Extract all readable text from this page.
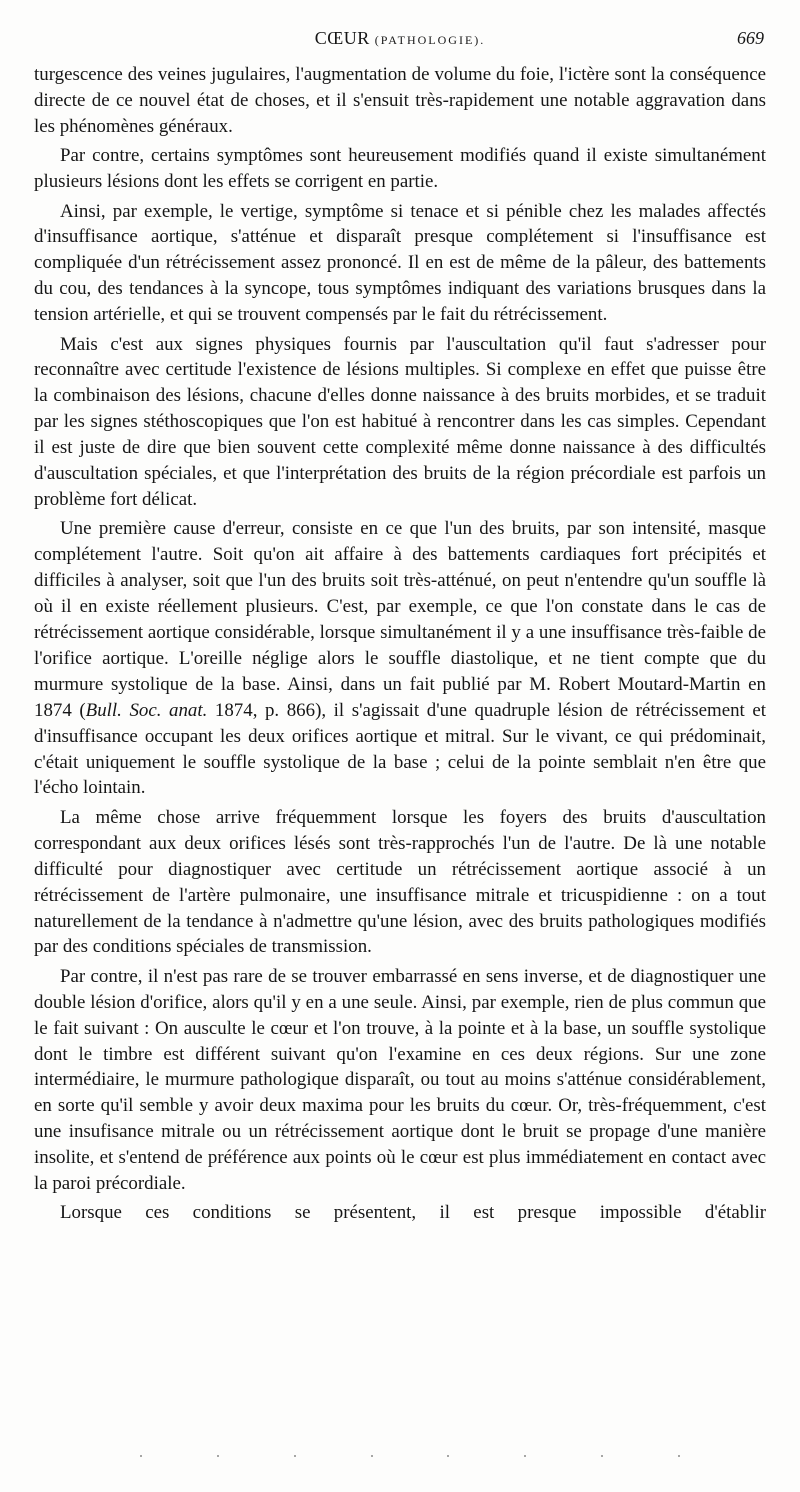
CŒUR (PATHOLOGIE).	669

turgescence des veines jugulaires, l'augmentation de volume du foie, l'ictère sont la conséquence directe de ce nouvel état de choses, et il s'ensuit très-rapidement une notable aggravation dans les phénomènes généraux.

Par contre, certains symptômes sont heureusement modifiés quand il existe simultanément plusieurs lésions dont les effets se corrigent en partie.

Ainsi, par exemple, le vertige, symptôme si tenace et si pénible chez les malades affectés d'insuffisance aortique, s'atténue et disparaît presque complétement si l'insuffisance est compliquée d'un rétrécissement assez prononcé. Il en est de même de la pâleur, des battements du cou, des tendances à la syncope, tous symptômes indiquant des variations brusques dans la tension artérielle, et qui se trouvent compensés par le fait du rétrécissement.

Mais c'est aux signes physiques fournis par l'auscultation qu'il faut s'adresser pour reconnaître avec certitude l'existence de lésions multiples. Si complexe en effet que puisse être la combinaison des lésions, chacune d'elles donne naissance à des bruits morbides, et se traduit par les signes stéthoscopiques que l'on est habitué à rencontrer dans les cas simples. Cependant il est juste de dire que bien souvent cette complexité même donne naissance à des difficultés d'auscultation spéciales, et que l'interprétation des bruits de la région précordiale est parfois un problème fort délicat.

Une première cause d'erreur, consiste en ce que l'un des bruits, par son intensité, masque complétement l'autre. Soit qu'on ait affaire à des battements cardiaques fort précipités et difficiles à analyser, soit que l'un des bruits soit très-atténué, on peut n'entendre qu'un souffle là où il en existe réellement plusieurs. C'est, par exemple, ce que l'on constate dans le cas de rétrécissement aortique considérable, lorsque simultanément il y a une insuffisance très-faible de l'orifice aortique. L'oreille néglige alors le souffle diastolique, et ne tient compte que du murmure systolique de la base. Ainsi, dans un fait publié par M. Robert Moutard-Martin en 1874 (Bull. Soc. anat. 1874, p. 866), il s'agissait d'une quadruple lésion de rétrécissement et d'insuffisance occupant les deux orifices aortique et mitral. Sur le vivant, ce qui prédominait, c'était uniquement le souffle systolique de la base ; celui de la pointe semblait n'en être que l'écho lointain.

La même chose arrive fréquemment lorsque les foyers des bruits d'auscultation correspondant aux deux orifices lésés sont très-rapprochés l'un de l'autre. De là une notable difficulté pour diagnostiquer avec certitude un rétrécissement aortique associé à un rétrécissement de l'artère pulmonaire, une insuffisance mitrale et tricuspidienne : on a tout naturellement de la tendance à n'admettre qu'une lésion, avec des bruits pathologiques modifiés par des conditions spéciales de transmission.

Par contre, il n'est pas rare de se trouver embarrassé en sens inverse, et de diagnostiquer une double lésion d'orifice, alors qu'il y en a une seule. Ainsi, par exemple, rien de plus commun que le fait suivant : On ausculte le cœur et l'on trouve, à la pointe et à la base, un souffle systolique dont le timbre est différent suivant qu'on l'examine en ces deux régions. Sur une zone intermédiaire, le murmure pathologique disparaît, ou tout au moins s'atténue considérablement, en sorte qu'il semble y avoir deux maxima pour les bruits du cœur. Or, très-fréquemment, c'est une insufisance mitrale ou un rétrécissement aortique dont le bruit se propage d'une manière insolite, et s'entend de préférence aux points où le cœur est plus immédiatement en contact avec la paroi précordiale.

Lorsque ces conditions se présentent, il est presque impossible d'établir
